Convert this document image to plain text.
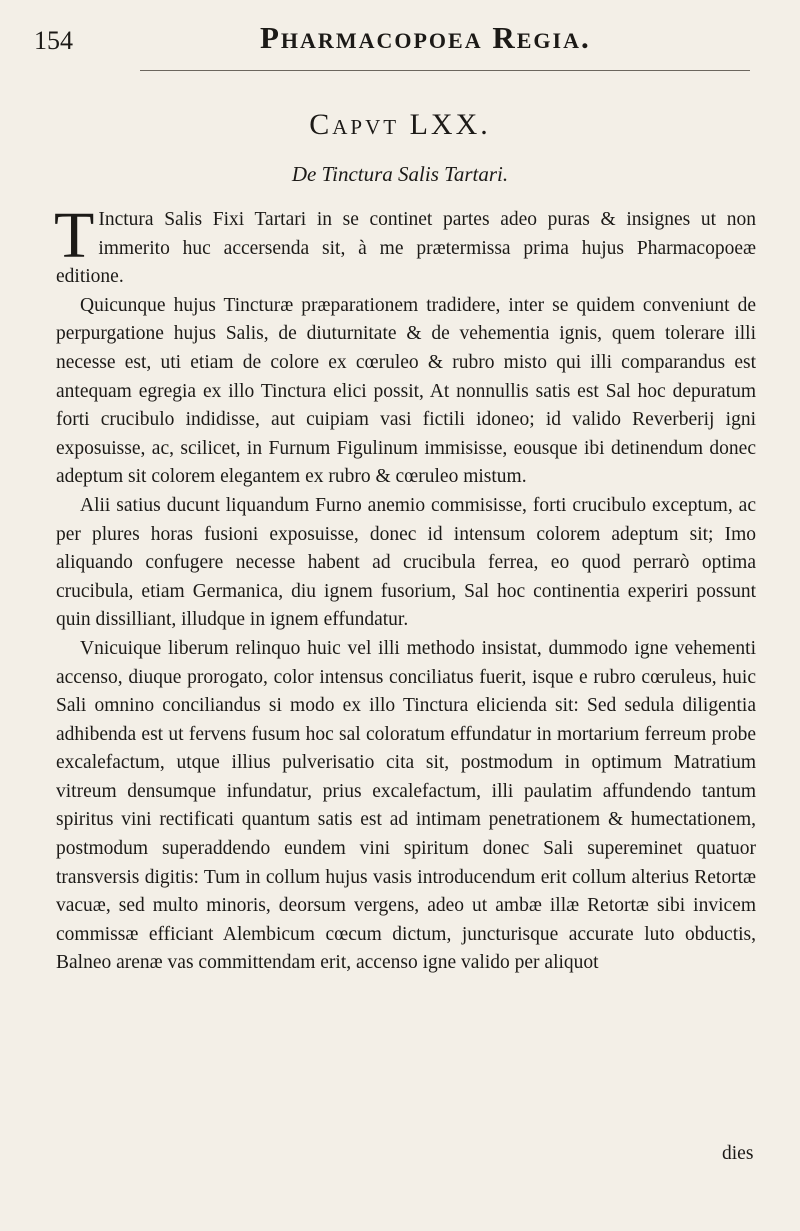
154	Pharmacopoea Regia.
Capvt LXX.
De Tinctura Salis Tartari.

T Inctura Salis Fixi Tartari in se continet partes adeo puras & insignes ut non immerito huc accersenda sit, à me prætermissa prima hujus Pharmacopoeæ editione.

Quicunque hujus Tincturæ præparationem tradidere, inter se quidem conveniunt de perpurgatione hujus Salis, de diuturnitate & de vehementia ignis, quem tolerare illi necesse est, uti etiam de colore ex cœruleo & rubro misto qui illi comparandus est antequam egregia ex illo Tinctura elici possit, At nonnullis satis est Sal hoc depuratum forti crucibulo indidisse, aut cuipiam vasi fictili idoneo; id valido Reverberij igni exposuisse, ac, scilicet, in Furnum Figulinum immisisse, eousque ibi detinendum donec adeptum sit colorem elegantem ex rubro & cœruleo mistum.

Alii satius ducunt liquandum Furno anemio commisisse, forti crucibulo exceptum, ac per plures horas fusioni exposuisse, donec id intensum colorem adeptum sit; Imo aliquando confugere necesse habent ad crucibula ferrea, eo quod perrarò optima crucibula, etiam Germanica, diu ignem fusorium, Sal hoc continentia experiri possunt quin dissilliant, illudque in ignem effundatur.

Vnicuique liberum relinquo huic vel illi methodo insistat, dummodo igne vehementi accenso, diuque prorogato, color intensus conciliatus fuerit, isque e rubro cœruleus, huic Sali omnino conciliandus si modo ex illo Tinctura elicienda sit: Sed sedula diligentia adhibenda est ut fervens fusum hoc sal coloratum effundatur in mortarium ferreum probe excalefactum, utque illius pulverisatio cita sit, postmodum in optimum Matratium vitreum densumque infundatur, prius excalefactum, illi paulatim affundendo tantum spiritus vini rectificati quantum satis est ad intimam penetrationem & humectationem, postmodum superaddendo eundem vini spiritum donec Sali supereminet quatuor transversis digitis: Tum in collum hujus vasis introducendum erit collum alterius Retortæ vacuæ, sed multo minoris, deorsum vergens, adeo ut ambæ illæ Retortæ sibi invicem commissæ efficiant Alembicum cœcum dictum, juncturisque accurate luto obductis, Balneo arenæ vas committendam erit, accenso igne valido per aliquot

dies
